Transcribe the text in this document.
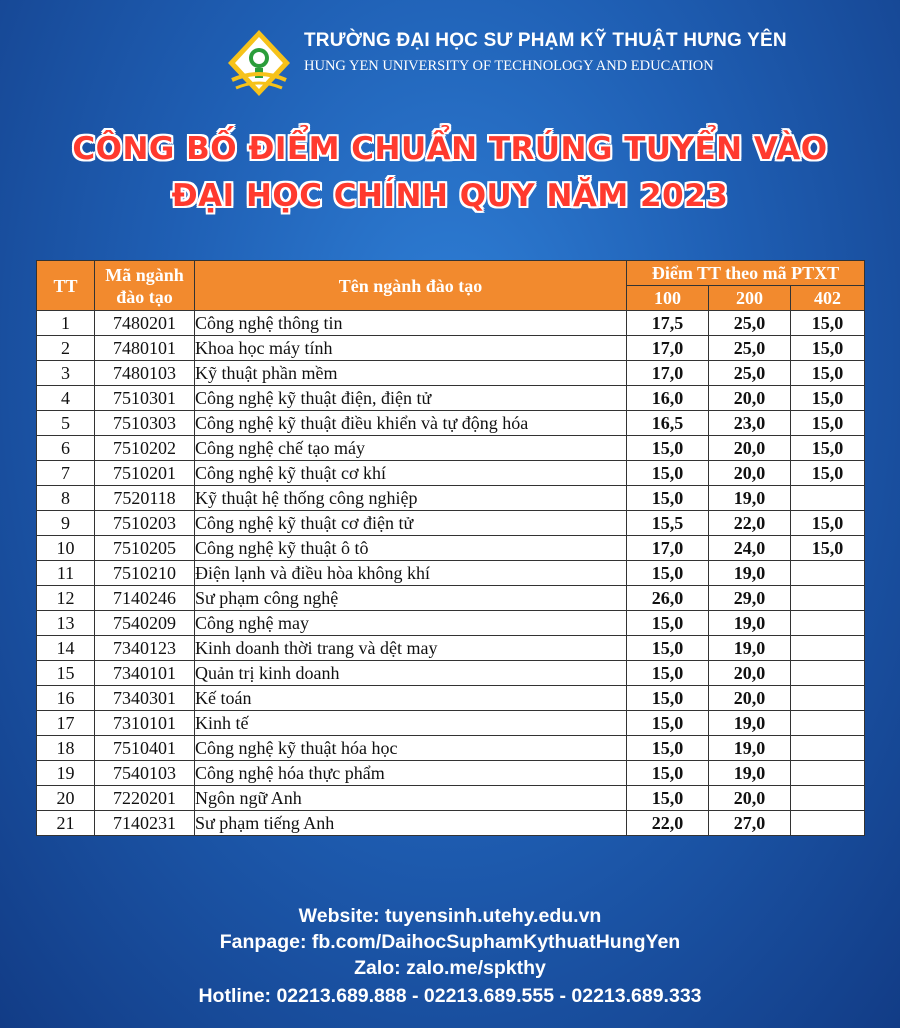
TRƯỜNG ĐẠI HỌC SƯ PHẠM KỸ THUẬT HƯNG YÊN
HUNG YEN UNIVERSITY OF TECHNOLOGY AND EDUCATION
CÔNG BỐ ĐIỂM CHUẨN TRÚNG TUYỂN VÀO
ĐẠI HỌC CHÍNH QUY NĂM 2023
TT	Mã ngành đào tạo	Tên ngành đào tạo	Điểm TT theo mã PTXT		
			100	200	402
1	7480201	Công nghệ thông tin	17,5	25,0	15,0
2	7480101	Khoa học máy tính	17,0	25,0	15,0
3	7480103	Kỹ thuật phần mềm	17,0	25,0	15,0
4	7510301	Công nghệ kỹ thuật điện, điện tử	16,0	20,0	15,0
5	7510303	Công nghệ kỹ thuật điều khiển và tự động hóa	16,5	23,0	15,0
6	7510202	Công nghệ chế tạo máy	15,0	20,0	15,0
7	7510201	Công nghệ kỹ thuật cơ khí	15,0	20,0	15,0
8	7520118	Kỹ thuật hệ thống công nghiệp	15,0	19,0	
9	7510203	Công nghệ kỹ thuật cơ điện tử	15,5	22,0	15,0
10	7510205	Công nghệ kỹ thuật ô tô	17,0	24,0	15,0
11	7510210	Điện lạnh và điều hòa không khí	15,0	19,0	
12	7140246	Sư phạm công nghệ	26,0	29,0	
13	7540209	Công nghệ may	15,0	19,0	
14	7340123	Kinh doanh thời trang và dệt may	15,0	19,0	
15	7340101	Quản trị kinh doanh	15,0	20,0	
16	7340301	Kế toán	15,0	20,0	
17	7310101	Kinh tế	15,0	19,0	
18	7510401	Công nghệ kỹ thuật hóa học	15,0	19,0	
19	7540103	Công nghệ hóa thực phẩm	15,0	19,0	
20	7220201	Ngôn ngữ Anh	15,0	20,0	
21	7140231	Sư phạm tiếng Anh	22,0	27,0	
Website: tuyensinh.utehy.edu.vn
Fanpage: fb.com/DaihocSuphamKythuatHungYen
Zalo: zalo.me/spkthy
Hotline: 02213.689.888 - 02213.689.555 - 02213.689.333
